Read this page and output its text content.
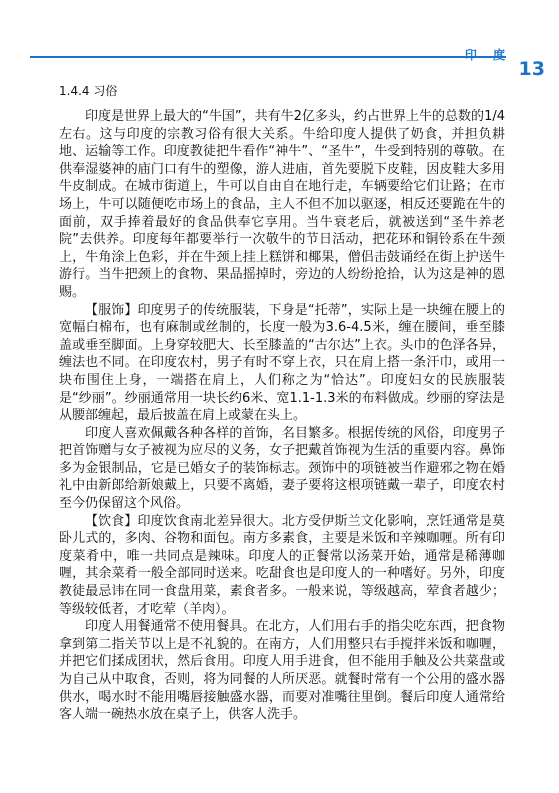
印 度
13
1.4.4 习俗

印度是世界上最大的“牛国”，共有牛2亿多头，约占世界上牛的总数的1/4左右。这与印度的宗教习俗有很大关系。牛给印度人提供了奶食，并担负耕地、运输等工作。印度教徒把牛看作“神牛”、“圣牛”，牛受到特别的尊敬。在供奉湿婆神的庙门口有牛的塑像，游人进庙，首先要脱下皮鞋，因皮鞋大多用牛皮制成。在城市街道上，牛可以自由自在地行走，车辆要给它们让路；在市场上，牛可以随便吃市场上的食品，主人不但不加以驱逐，相反还要跪在牛的面前，双手捧着最好的食品供奉它享用。当牛衰老后，就被送到“圣牛养老院”去供养。印度每年都要举行一次敬牛的节日活动，把花环和铜铃系在牛颈上，牛角涂上色彩，并在牛颈上挂上糕饼和椰果，僧侣击鼓诵经在街上护送牛游行。当牛把颈上的食物、果品摇掉时，旁边的人纷纷抢拾，认为这是神的恩赐。

【服饰】印度男子的传统服装，下身是“托蒂”，实际上是一块缠在腰上的宽幅白棉布，也有麻制或丝制的，长度一般为3.6-4.5米，缠在腰间，垂至膝盖或垂至脚面。上身穿较肥大、长至膝盖的“古尔达”上衣。头巾的色泽各异，缠法也不同。在印度农村，男子有时不穿上衣，只在肩上搭一条汗巾，或用一块布围住上身，一端搭在肩上，人们称之为“恰达”。印度妇女的民族服装是“纱丽”。纱丽通常用一块长约6米、宽1.1-1.3米的布料做成。纱丽的穿法是从腰部缠起，最后披盖在肩上或蒙在头上。

印度人喜欢佩戴各种各样的首饰，名目繁多。根据传统的风俗，印度男子把首饰赠与女子被视为应尽的义务，女子把戴首饰视为生活的重要内容。鼻饰多为金银制品，它是已婚女子的装饰标志。颈饰中的项链被当作避邪之物在婚礼中由新郎给新娘戴上，只要不离婚，妻子要将这根项链戴一辈子，印度农村至今仍保留这个风俗。

【饮食】印度饮食南北差异很大。北方受伊斯兰文化影响，烹饪通常是莫卧儿式的，多肉、谷物和面包。南方多素食，主要是米饭和辛辣咖喱。所有印度菜肴中，唯一共同点是辣味。印度人的正餐常以汤菜开始，通常是稀薄咖喱，其余菜肴一般全部同时送来。吃甜食也是印度人的一种嗜好。另外，印度教徒最忌讳在同一食盘用菜，素食者多。一般来说，等级越高，荤食者越少；等级较低者，才吃荤（羊肉）。

印度人用餐通常不使用餐具。在北方，人们用右手的指尖吃东西，把食物拿到第二指关节以上是不礼貌的。在南方，人们用整只右手搅拌米饭和咖喱，并把它们揉成团状，然后食用。印度人用手进食，但不能用手触及公共菜盘或为自己从中取食，否则，将为同餐的人所厌恶。就餐时常有一个公用的盛水器供水，喝水时不能用嘴唇接触盛水器，而要对准嘴往里倒。餐后印度人通常给客人端一碗热水放在桌子上，供客人洗手。
